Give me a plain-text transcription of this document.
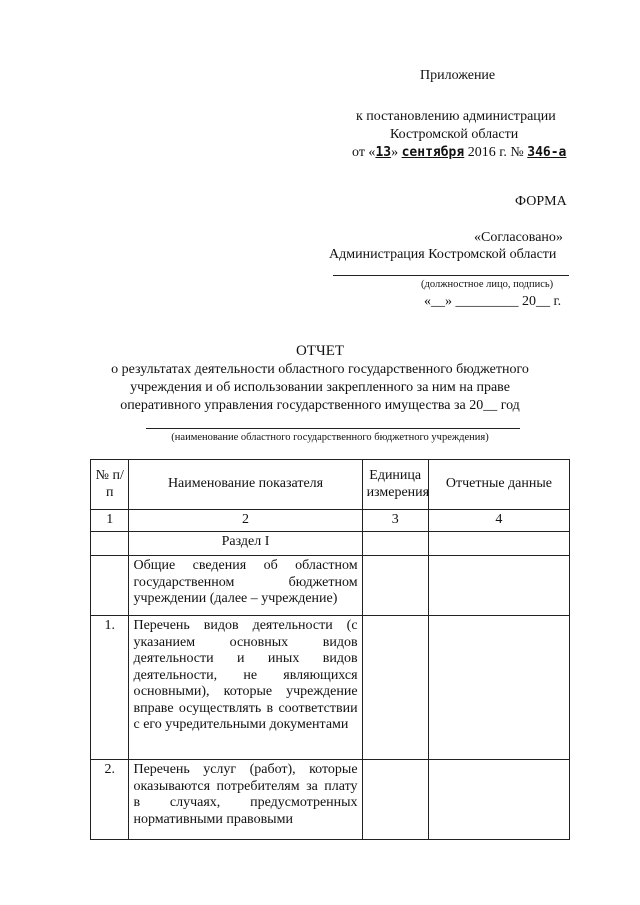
Приложение
к постановлению администрации
Костромской области
от «13» сентября 2016 г. № 346-а
ФОРМА
«Согласовано»
Администрация Костромской области
(должностное лицо, подпись)
«__» _________ 20__ г.
ОТЧЕТ
о результатах деятельности областного государственного бюджетного
учреждения и об использовании закрепленного за ним на праве
оперативного управления государственного имущества за 20__ год
(наименование областного государственного бюджетного учреждения)
№ п/п	Наименование показателя	Единица измерения	Отчетные данные
1	2	3	4
	Раздел I		
	Общие сведения об областном государственном бюджетном учреждении (далее – учреждение)		
1.	Перечень видов деятельности (с указанием основных видов деятельности и иных видов деятельности, не являющихся основными), которые учреждение вправе осуществлять в соответствии с его учредительными документами		
2.	Перечень услуг (работ), которые оказываются потребителям за плату в случаях, предусмотренных нормативными правовыми		
